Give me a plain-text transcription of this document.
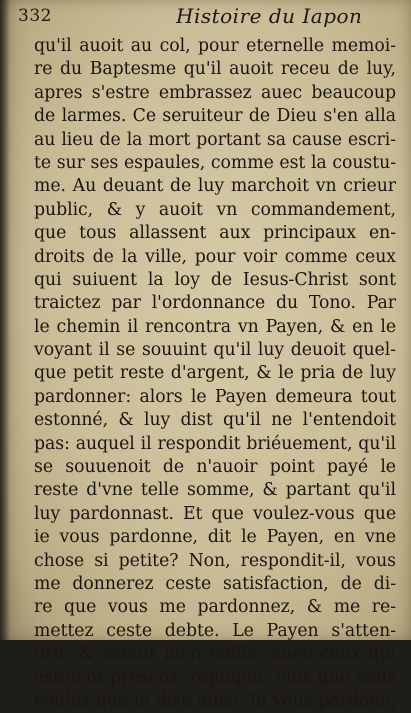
332	Histoire du Iapon
qu'il auoit au col, pour eternelle memoi-
re du Baptesme qu'il auoit receu de luy,
apres s'estre embrassez auec beaucoup
de larmes. Ce seruiteur de Dieu s'en alla
au lieu de la mort portant sa cause escri-
te sur ses espaules, comme est la coustu-
me. Au deuant de luy marchoit vn crieur
public, & y auoit vn commandement,
que tous allassent aux principaux en-
droits de la ville, pour voir comme ceux
qui suiuent la loy de Iesus-Christ sont
traictez par l'ordonnance du Tono. Par
le chemin il rencontra vn Payen, & en le
voyant il se souuint qu'il luy deuoit quel-
que petit reste d'argent, & le pria de luy
pardonner: alors le Payen demeura tout
estonné, & luy dist qu'il ne l'entendoit
pas: auquel il respondit briéuement, qu'il
se souuenoit de n'auoir point payé le
reste d'vne telle somme, & partant qu'il
luy pardonnast. Et que voulez-vous que
ie vous pardonne, dit le Payen, en vne
chose si petite? Non, respondit-il, vous
me donnerez ceste satisfaction, de di-
re que vous me pardonnez, & me re-
mettez ceste debte. Le Payen s'atten-
drit, & estant bien edifié, auec ceux qui
estoient presens, repliqua: Puis que vous
voulez que ie dise ainsi, Ie vous pardóne,
